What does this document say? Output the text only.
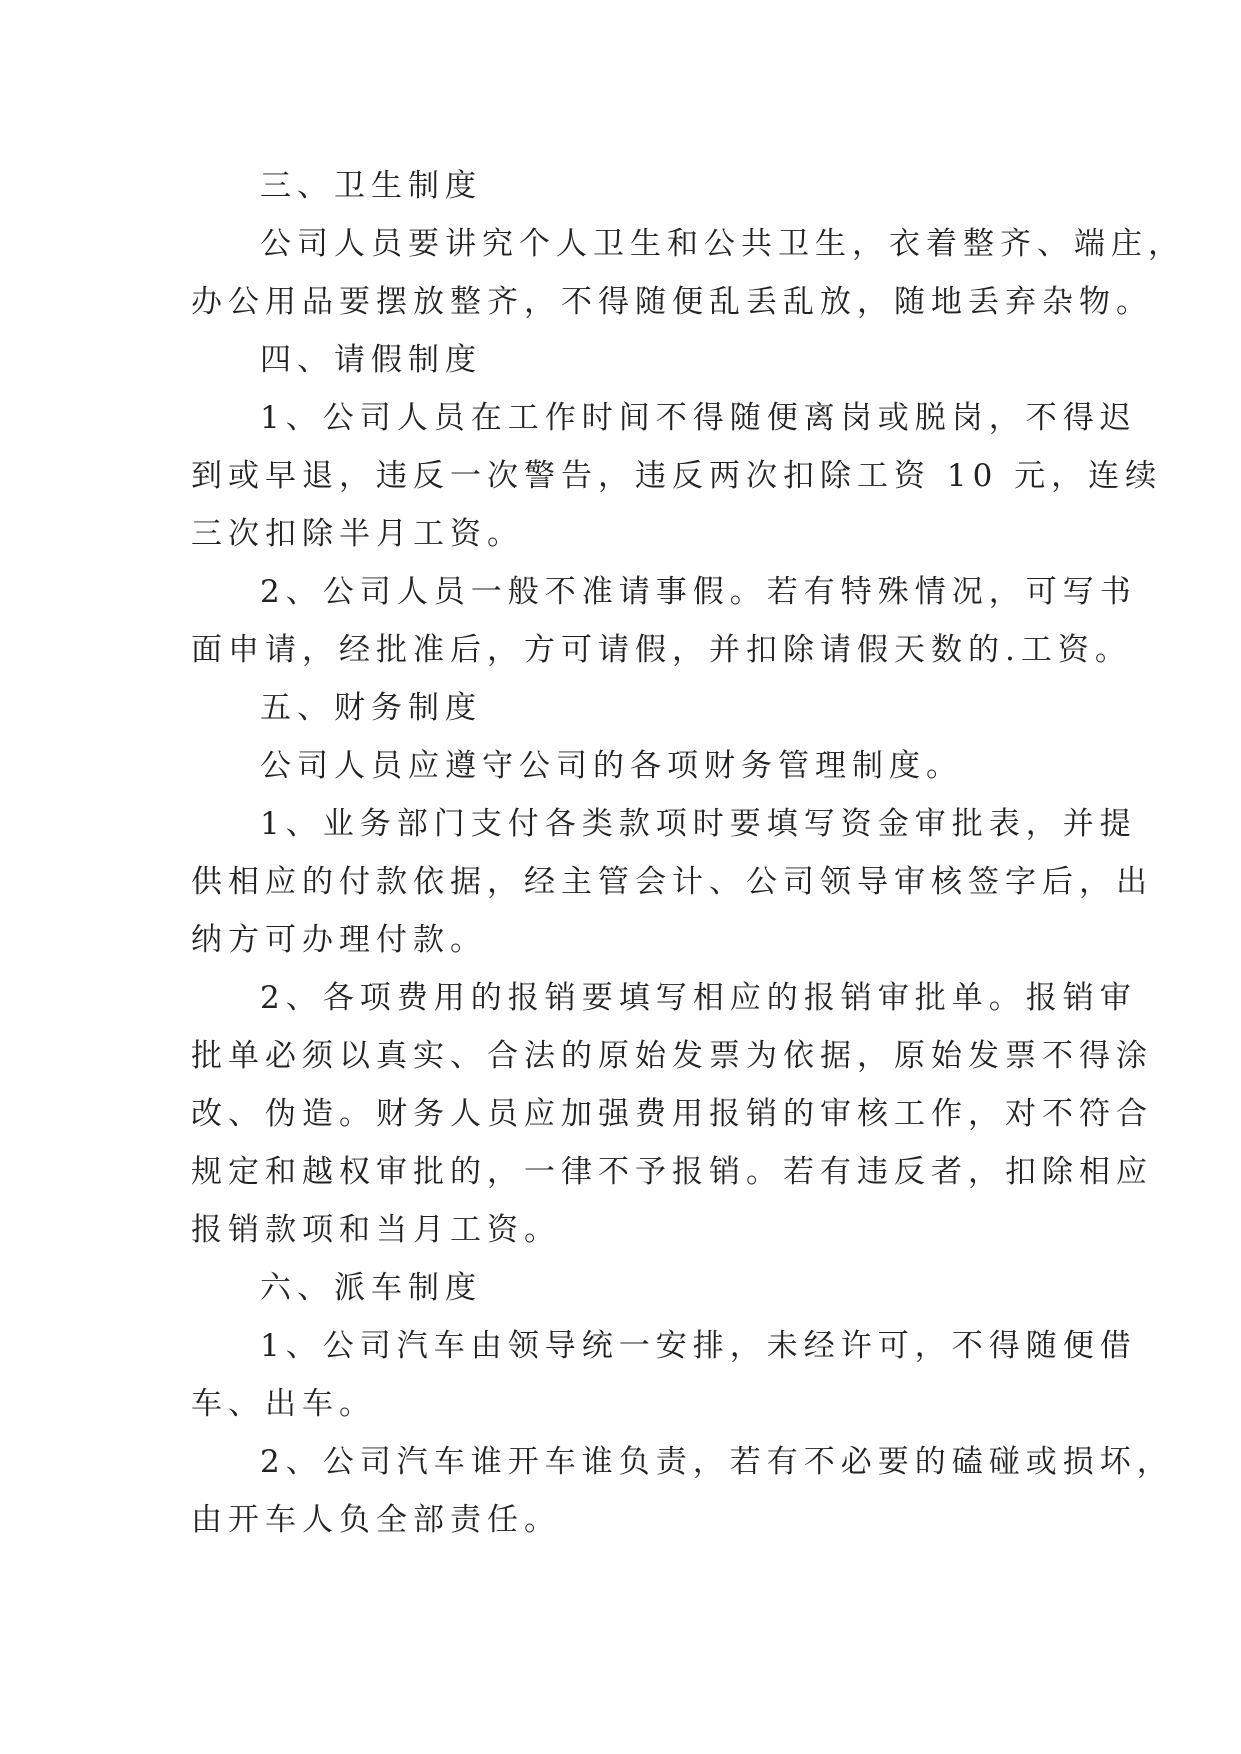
三、卫生制度
公司人员要讲究个人卫生和公共卫生，衣着整齐、端庄，
办公用品要摆放整齐，不得随便乱丢乱放，随地丢弃杂物。
四、请假制度
1、公司人员在工作时间不得随便离岗或脱岗，不得迟
到或早退，违反一次警告，违反两次扣除工资 10 元，连续
三次扣除半月工资。
2、公司人员一般不准请事假。若有特殊情况，可写书
面申请，经批准后，方可请假，并扣除请假天数的.工资。
五、财务制度
公司人员应遵守公司的各项财务管理制度。
1、业务部门支付各类款项时要填写资金审批表，并提
供相应的付款依据，经主管会计、公司领导审核签字后，出
纳方可办理付款。
2、各项费用的报销要填写相应的报销审批单。报销审
批单必须以真实、合法的原始发票为依据，原始发票不得涂
改、伪造。财务人员应加强费用报销的审核工作，对不符合
规定和越权审批的，一律不予报销。若有违反者，扣除相应
报销款项和当月工资。
六、派车制度
1、公司汽车由领导统一安排，未经许可，不得随便借
车、出车。
2、公司汽车谁开车谁负责，若有不必要的磕碰或损坏，
由开车人负全部责任。
